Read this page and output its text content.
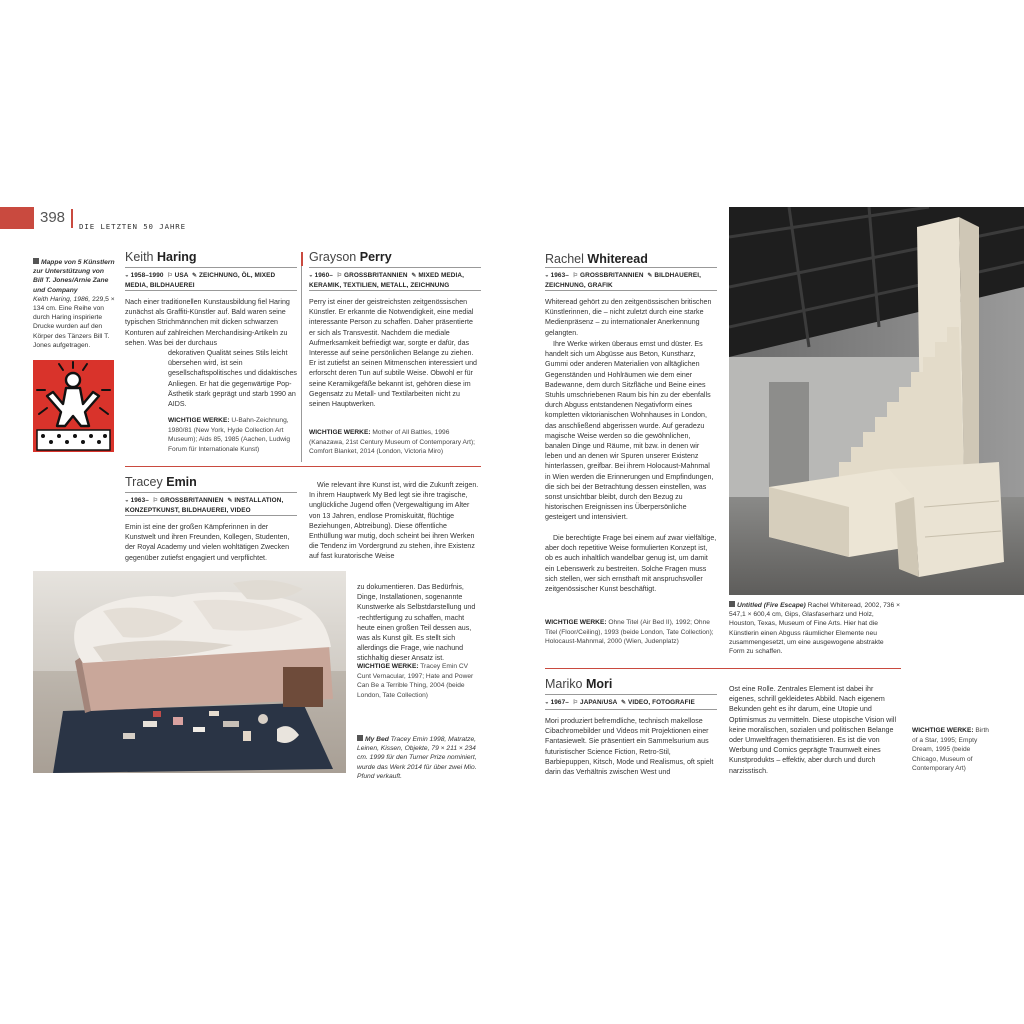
398
DIE LETZTEN 50 JAHRE
Mappe von 5 Künstlern zur Unterstützung von Bill T. Jones/Arnie Zane und Company
Keith Haring, 1986, 229,5 × 134 cm. Eine Reihe von durch Haring inspirierte Drucke wurden auf den Körper des Tänzers Bill T. Jones aufgetragen.
Keith Haring
◒ 1958–1990 ⚐ USA ✎ ZEICHNUNG, ÖL, MIXED MEDIA, BILDHAUEREI
Nach einer traditionellen Kunstausbildung fiel Haring zunächst als Graffiti-Künstler auf. Bald waren seine typischen Strichmännchen mit dicken schwarzen Konturen auf zahlreichen Merchandising-Artikeln zu sehen. Was bei der durchaus
dekorativen Qualität seines Stils leicht übersehen wird, ist sein gesellschaftspolitisches und didaktisches Anliegen. Er hat die gegenwärtige Pop-Ästhetik stark geprägt und starb 1990 an AIDS.
WICHTIGE WERKE: U-Bahn-Zeichnung, 1980/81 (New York, Hyde Collection Art Museum); Aids 85, 1985 (Aachen, Ludwig Forum für Internationale Kunst)
Grayson Perry
◒ 1960– ⚐ GROSSBRITANNIEN ✎ MIXED MEDIA, KERAMIK, TEXTILIEN, METALL, ZEICHNUNG
Perry ist einer der geistreichsten zeitgenössischen Künstler. Er erkannte die Notwendigkeit, eine medial interessante Person zu schaffen. Daher präsentierte er sich als Transvestit. Nachdem die mediale Aufmerksamkeit befriedigt war, sorgte er dafür, das Interesse auf seine persönlichen Belange zu ziehen. Er ist zutiefst an seinen Mitmenschen interessiert und erforscht deren Tun auf subtile Weise. Obwohl er für seine Keramikgefäße bekannt ist, gehören diese im Gegensatz zu Metall- und Textilarbeiten nicht zu seinen Hauptwerken.
WICHTIGE WERKE: Mother of All Battles, 1996 (Kanazawa, 21st Century Museum of Contemporary Art); Comfort Blanket, 2014 (London, Victoria Miro)
Tracey Emin
◒ 1963– ⚐ GROSSBRITANNIEN ✎ INSTALLATION, KONZEPTKUNST, BILDHAUEREI, VIDEO
Emin ist eine der großen Kämpferinnen in der Kunstwelt und ihren Freunden, Kollegen, Studenten, der Royal Academy und vielen wohltätigen Zwecken gegenüber zutiefst engagiert und verpflichtet.
Wie relevant ihre Kunst ist, wird die Zukunft zeigen. In ihrem Hauptwerk My Bed legt sie ihre tragische, unglückliche Jugend offen (Vergewaltigung im Alter von 13 Jahren, endlose Promiskuität, flüchtige Beziehungen, Abtreibung). Diese öffentliche Enthüllung war mutig, doch scheint bei ihren Werken die Tendenz im Vordergrund zu stehen, ihre Existenz auf fast kuratorische Weise
zu dokumentieren. Das Bedürfnis, Dinge, Installationen, sogenannte Kunstwerke als Selbstdarstellung und -rechtfertigung zu schaffen, macht heute einen großen Teil dessen aus, was als Kunst gilt. Es stellt sich allerdings die Frage, wie nachund stichhaltig dieser Ansatz ist.
WICHTIGE WERKE: Tracey Emin CV Cunt Vernacular, 1997; Hate and Power Can Be a Terrible Thing, 2004 (beide London, Tate Collection)
My Bed Tracey Emin 1998, Matratze, Leinen, Kissen, Objekte, 79 × 211 × 234 cm. 1999 für den Turner Prize nominiert, wurde das Werk 2014 für über zwei Mio. Pfund verkauft.
Rachel Whiteread
◒ 1963– ⚐ GROSSBRITANNIEN ✎ BILDHAUEREI, ZEICHNUNG, GRAFIK
Whiteread gehört zu den zeitgenössischen britischen Künstlerinnen, die – nicht zuletzt durch eine starke Medienpräsenz – zu internationaler Anerkennung gelangten.
Ihre Werke wirken überaus ernst und düster. Es handelt sich um Abgüsse aus Beton, Kunstharz, Gummi oder anderen Materialien von alltäglichen Gegenständen und Hohlräumen wie dem einer Badewanne, dem durch Sitzfläche und Beine eines Stuhls umschriebenen Raum bis hin zu der ebenfalls durch Abguss entstandenen Negativform eines kompletten viktorianischen Wohnhauses in London, das anschließend abgerissen wurde. Auf geradezu magische Weise werden so die gewöhnlichen, banalen Dinge und Räume, mit bzw. in denen wir leben und an denen wir Spuren unserer Existenz hinterlassen, greifbar. Bei ihrem Holocaust-Mahnmal in Wien werden die Erinnerungen und Empfindungen, die sich bei der Betrachtung dessen einstellen, was sonst unsichtbar bleibt, durch den Bezug zu historischen Ereignissen ins Überpersönliche gesteigert und intensiviert.
Die berechtigte Frage bei einem auf zwar vielfältige, aber doch repetitive Weise formulierten Konzept ist, ob es auch inhaltlich wandelbar genug ist, um damit ein Lebenswerk zu bestreiten. Solche Fragen muss sich stellen, wer sich ernsthaft mit anspruchsvoller zeitgenössischer Kunst beschäftigt.
WICHTIGE WERKE: Ohne Titel (Air Bed II), 1992; Ohne Titel (Floor/Ceiling), 1993 (beide London, Tate Collection); Holocaust-Mahnmal, 2000 (Wien, Judenplatz)
Untitled (Fire Escape) Rachel Whiteread, 2002, 736 × 547,1 × 600,4 cm, Gips, Glasfaserharz und Holz, Houston, Texas, Museum of Fine Arts. Hier hat die Künstlerin einen Abguss räumlicher Elemente neu zusammengesetzt, um eine ausgewogene abstrakte Form zu schaffen.
Mariko Mori
◒ 1967– ⚐ JAPAN/USA ✎ VIDEO, FOTOGRAFIE
Mori produziert befremdliche, technisch makellose Cibachromebilder und Videos mit Projektionen einer Fantasiewelt. Sie präsentiert ein Sammelsurium aus futuristischer Science Fiction, Retro-Stil, Barbiepuppen, Kitsch, Mode und Realismus, oft spielt darin das Verhältnis zwischen West und
Ost eine Rolle. Zentrales Element ist dabei ihr eigenes, schrill gekleidetes Abbild. Nach eigenem Bekunden geht es ihr darum, eine Utopie und Optimismus zu vermitteln. Diese utopische Vision will keine moralischen, sozialen und politischen Belange oder Umweltfragen thematisieren. Es ist die von Werbung und Comics geprägte Traumwelt eines Kunstprodukts – effektiv, aber durch und durch narzisstisch.
WICHTIGE WERKE: Birth of a Star, 1995; Empty Dream, 1995 (beide Chicago, Museum of Contemporary Art)
